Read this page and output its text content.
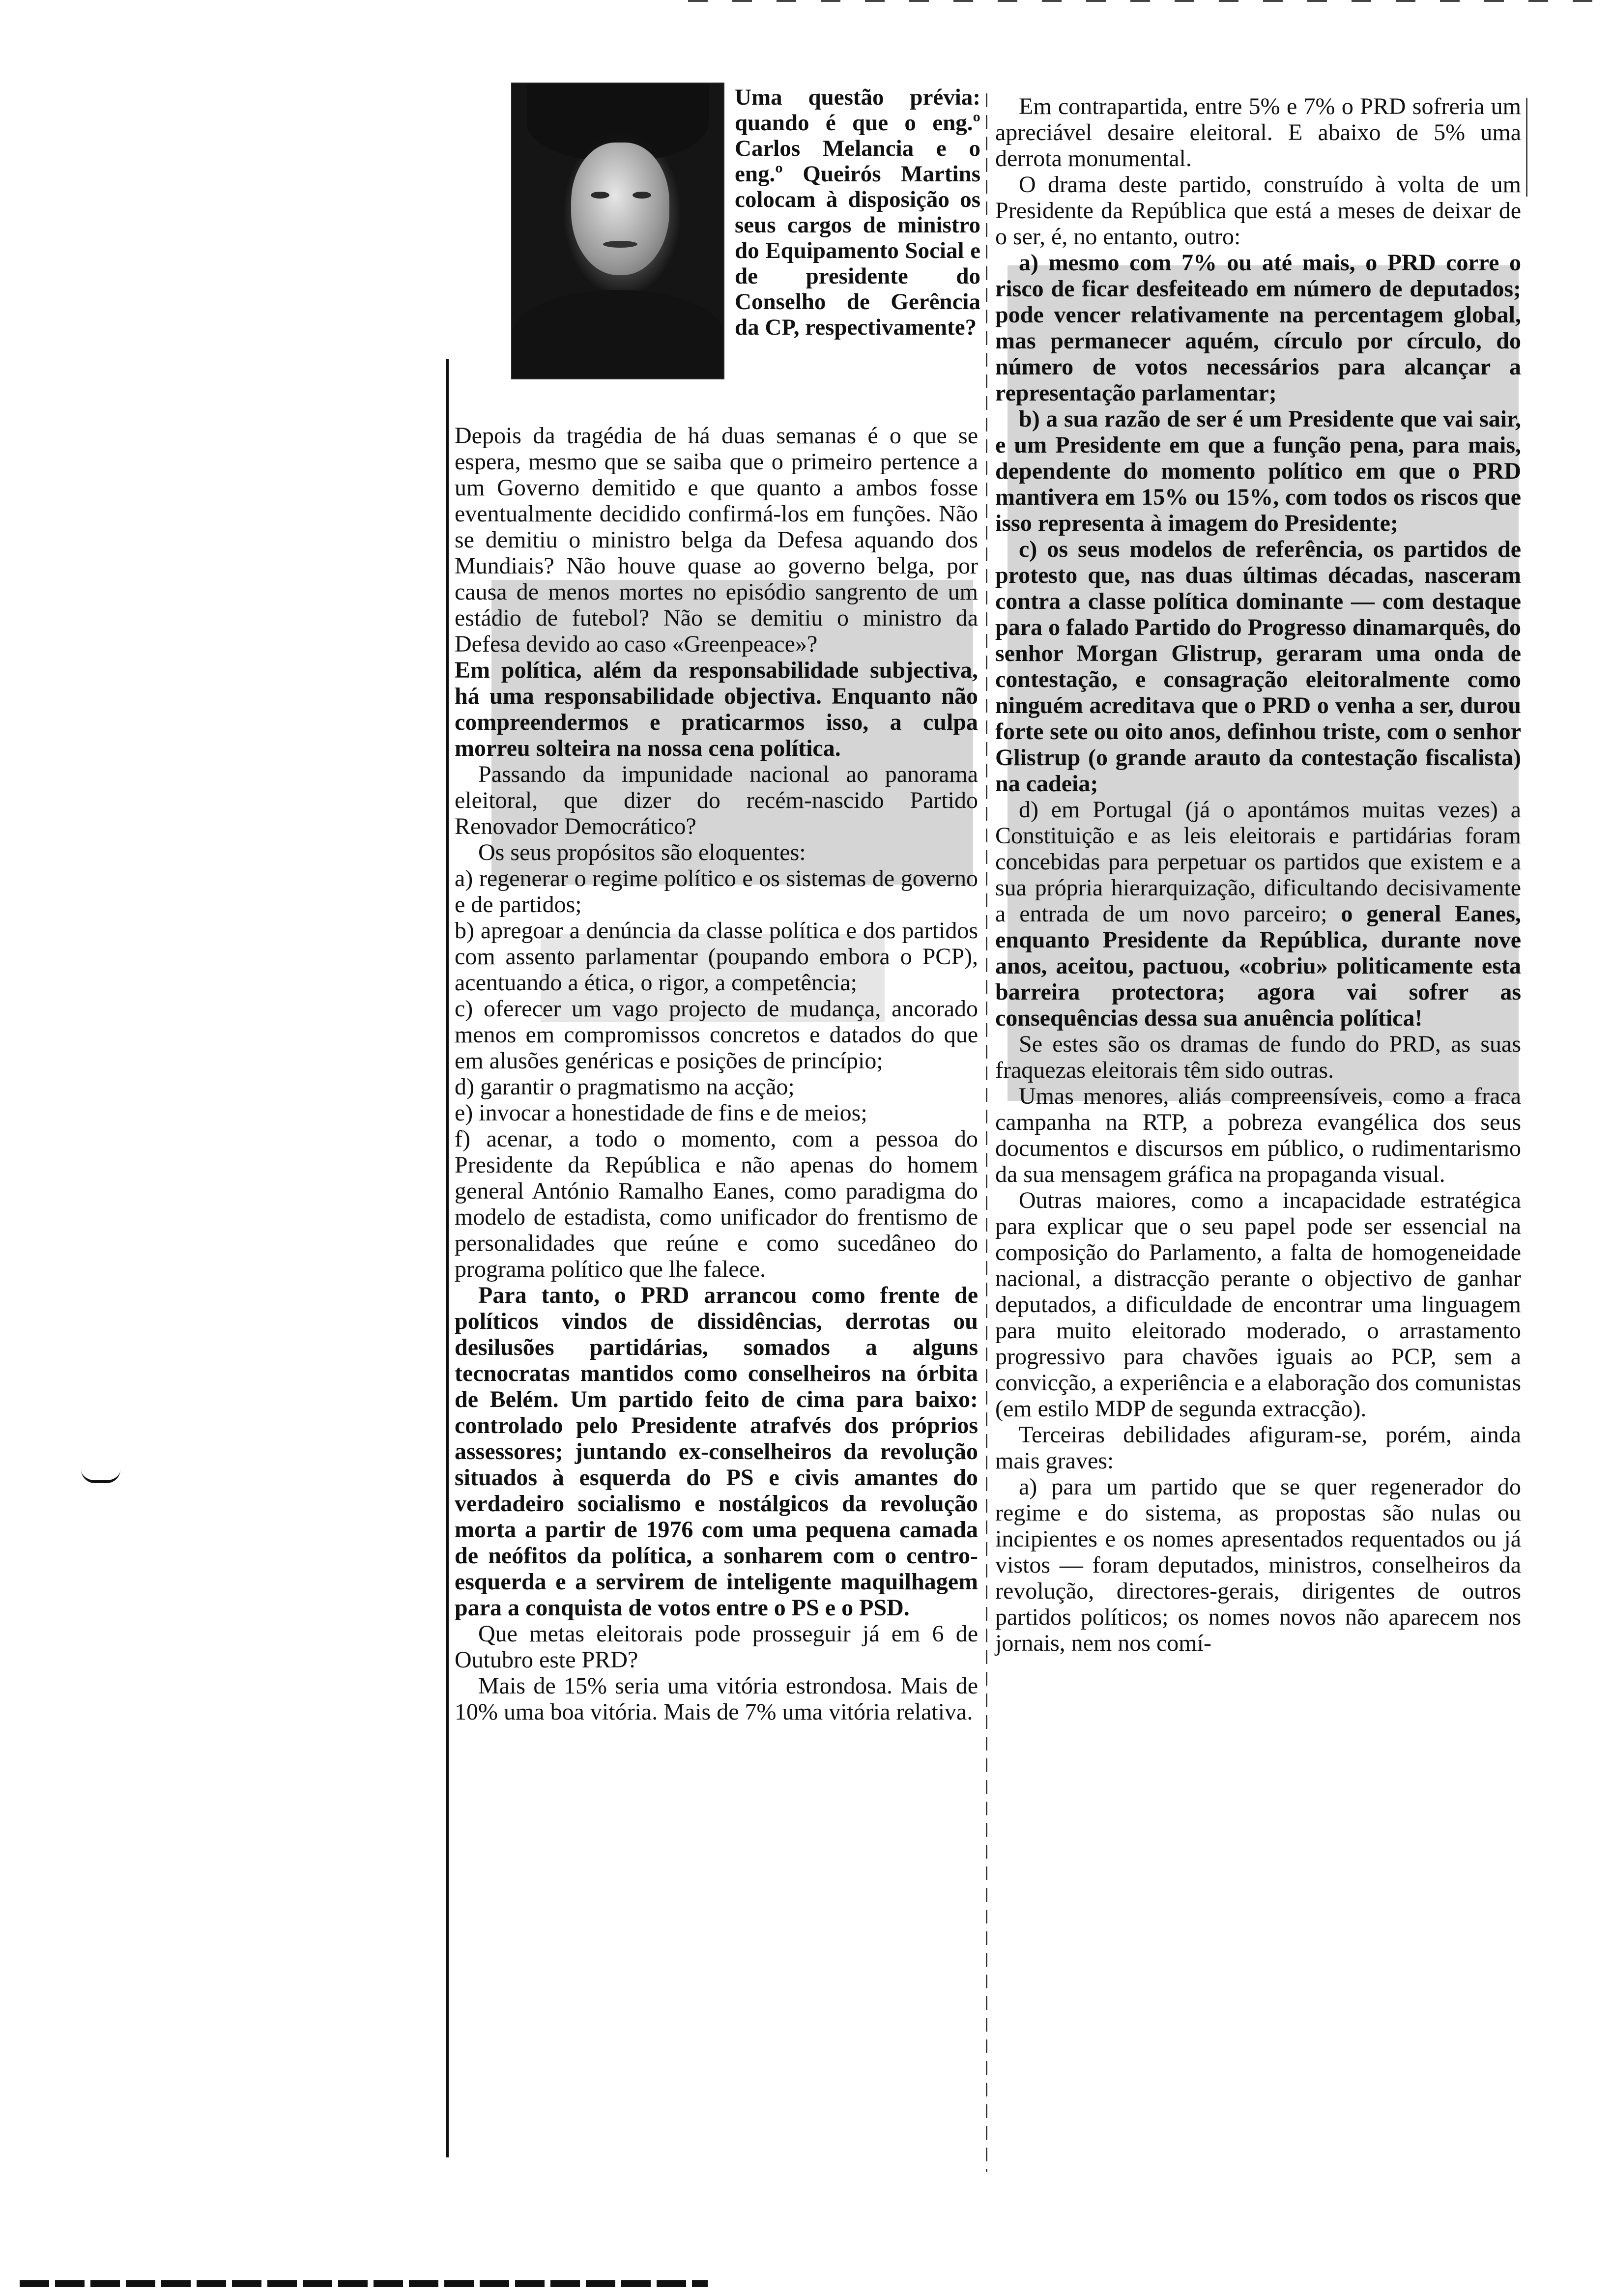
Uma questão prévia: quando é que o eng.º Carlos Melancia e o eng.º Queirós Martins colocam à disposição os seus cargos de ministro do Equipamento Social e de presidente do Conselho de Gerência da CP, respectivamente?

Depois da tragédia de há duas semanas é o que se espera, mesmo que se saiba que o primeiro pertence a um Governo demitido e que quanto a ambos fosse eventualmente decidido confirmá-los em funções. Não se demitiu o ministro belga da Defesa aquando dos Mundiais? Não houve quase ao governo belga, por causa de menos mortes no episódio sangrento de um estádio de futebol? Não se demitiu o ministro da Defesa devido ao caso «Greenpeace»?

Em política, além da responsabilidade subjectiva, há uma responsabilidade objectiva. Enquanto não compreendermos e praticarmos isso, a culpa morreu solteira na nossa cena política.

Passando da impunidade nacional ao panorama eleitoral, que dizer do recém-nascido Partido Renovador Democrático?

Os seus propósitos são eloquentes:

a) regenerar o regime político e os sistemas de governo e de partidos;

b) apregoar a denúncia da classe política e dos partidos com assento parlamentar (poupando embora o PCP), acentuando a ética, o rigor, a competência;

c) oferecer um vago projecto de mudança, ancorado menos em compromissos concretos e datados do que em alusões genéricas e posições de princípio;

d) garantir o pragmatismo na acção;

e) invocar a honestidade de fins e de meios;

f) acenar, a todo o momento, com a pessoa do Presidente da República e não apenas do homem general António Ramalho Eanes, como paradigma do modelo de estadista, como unificador do frentismo de personalidades que reúne e como sucedâneo do programa político que lhe falece.

Para tanto, o PRD arrancou como frente de políticos vindos de dissidências, derrotas ou desilusões partidárias, somados a alguns tecnocratas mantidos como conselheiros na órbita de Belém. Um partido feito de cima para baixo: controlado pelo Presidente atrafvés dos próprios assessores; juntando ex-conselheiros da revolução situados à esquerda do PS e civis amantes do verdadeiro socialismo e nostálgicos da revolução morta a partir de 1976 com uma pequena camada de neófitos da política, a sonharem com o centro-esquerda e a servirem de inteligente maquilhagem para a conquista de votos entre o PS e o PSD.

Que metas eleitorais pode prosseguir já em 6 de Outubro este PRD?

Mais de 15% seria uma vitória estrondosa. Mais de 10% uma boa vitória. Mais de 7% uma vitória relativa.

Em contrapartida, entre 5% e 7% o PRD sofreria um apreciável desaire eleitoral. E abaixo de 5% uma derrota monumental.

O drama deste partido, construído à volta de um Presidente da República que está a meses de deixar de o ser, é, no entanto, outro:

a) mesmo com 7% ou até mais, o PRD corre o risco de ficar desfeiteado em número de deputados; pode vencer relativamente na percentagem global, mas permanecer aquém, círculo por círculo, do número de votos necessários para alcançar a representação parlamentar;

b) a sua razão de ser é um Presidente que vai sair, e um Presidente em que a função pena, para mais, dependente do momento político em que o PRD mantivera em 15% ou 15%, com todos os riscos que isso representa à imagem do Presidente;

c) os seus modelos de referência, os partidos de protesto que, nas duas últimas décadas, nasceram contra a classe política dominante — com destaque para o falado Partido do Progresso dinamarquês, do senhor Morgan Glistrup, geraram uma onda de contestação, e consagração eleitoralmente como ninguém acreditava que o PRD o venha a ser, durou forte sete ou oito anos, definhou triste, com o senhor Glistrup (o grande arauto da contestação fiscalista) na cadeia;

d) em Portugal (já o apontámos muitas vezes) a Constituição e as leis eleitorais e partidárias foram concebidas para perpetuar os partidos que existem e a sua própria hierarquização, dificultando decisivamente a entrada de um novo parceiro; o general Eanes, enquanto Presidente da República, durante nove anos, aceitou, pactuou, «cobriu» politicamente esta barreira protectora; agora vai sofrer as consequências dessa sua anuência política!

Se estes são os dramas de fundo do PRD, as suas fraquezas eleitorais têm sido outras.

Umas menores, aliás compreensíveis, como a fraca campanha na RTP, a pobreza evangélica dos seus documentos e discursos em público, o rudimentarismo da sua mensagem gráfica na propaganda visual.

Outras maiores, como a incapacidade estratégica para explicar que o seu papel pode ser essencial na composição do Parlamento, a falta de homogeneidade nacional, a distracção perante o objectivo de ganhar deputados, a dificuldade de encontrar uma linguagem para muito eleitorado moderado, o arrastamento progressivo para chavões iguais ao PCP, sem a convicção, a experiência e a elaboração dos comunistas (em estilo MDP de segunda extracção).

Terceiras debilidades afiguram-se, porém, ainda mais graves:

a) para um partido que se quer regenerador do regime e do sistema, as propostas são nulas ou incipientes e os nomes apresentados requentados ou já vistos — foram deputados, ministros, conselheiros da revolução, directores-gerais, dirigentes de outros partidos políticos; os nomes novos não aparecem nos jornais, nem nos comí-
